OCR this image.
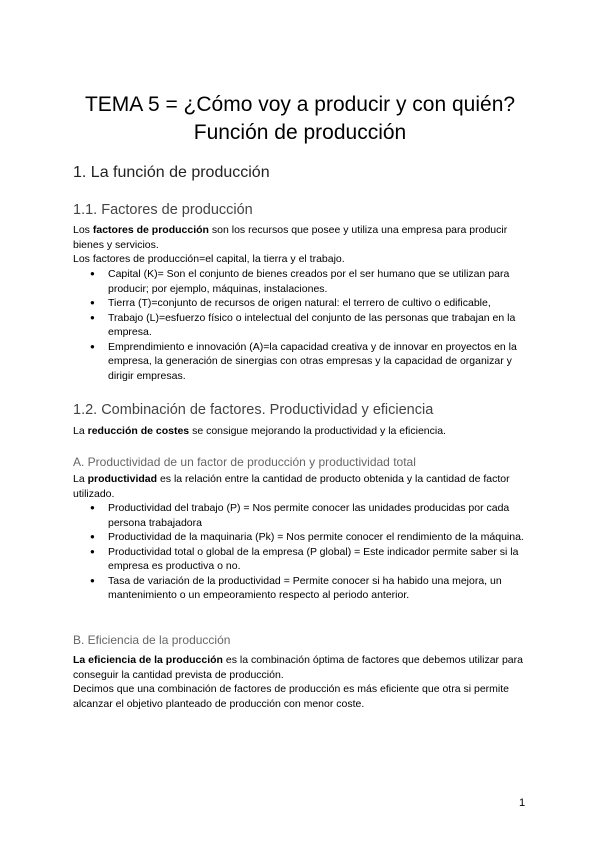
TEMA 5 = ¿Cómo voy a producir y con quién?
Función de producción
1. La función de producción
1.1. Factores de producción
Los factores de producción son los recursos que posee y utiliza una empresa para producir bienes y servicios.
Los factores de producción=el capital, la tierra y el trabajo.
● Capital (K)= Son el conjunto de bienes creados por el ser humano que se utilizan para producir; por ejemplo, máquinas, instalaciones.
● Tierra (T)=conjunto de recursos de origen natural: el terrero de cultivo o edificable,
● Trabajo (L)=esfuerzo físico o intelectual del conjunto de las personas que trabajan en la empresa.
● Emprendimiento e innovación (A)=la capacidad creativa y de innovar en proyectos en la empresa, la generación de sinergias con otras empresas y la capacidad de organizar y dirigir empresas.
1.2. Combinación de factores. Productividad y eficiencia
La reducción de costes se consigue mejorando la productividad y la eficiencia.
A. Productividad de un factor de producción y productividad total
La productividad es la relación entre la cantidad de producto obtenida y la cantidad de factor utilizado.
● Productividad del trabajo (P) = Nos permite conocer las unidades producidas por cada persona trabajadora
● Productividad de la maquinaria (Pk) = Nos permite conocer el rendimiento de la máquina.
● Productividad total o global de la empresa (P global) = Este indicador permite saber si la empresa es productiva o no.
● Tasa de variación de la productividad = Permite conocer si ha habido una mejora, un mantenimiento o un empeoramiento respecto al periodo anterior.
B. Eficiencia de la producción
La eficiencia de la producción es la combinación óptima de factores que debemos utilizar para conseguir la cantidad prevista de producción.
Decimos que una combinación de factores de producción es más eficiente que otra si permite alcanzar el objetivo planteado de producción con menor coste.
1
